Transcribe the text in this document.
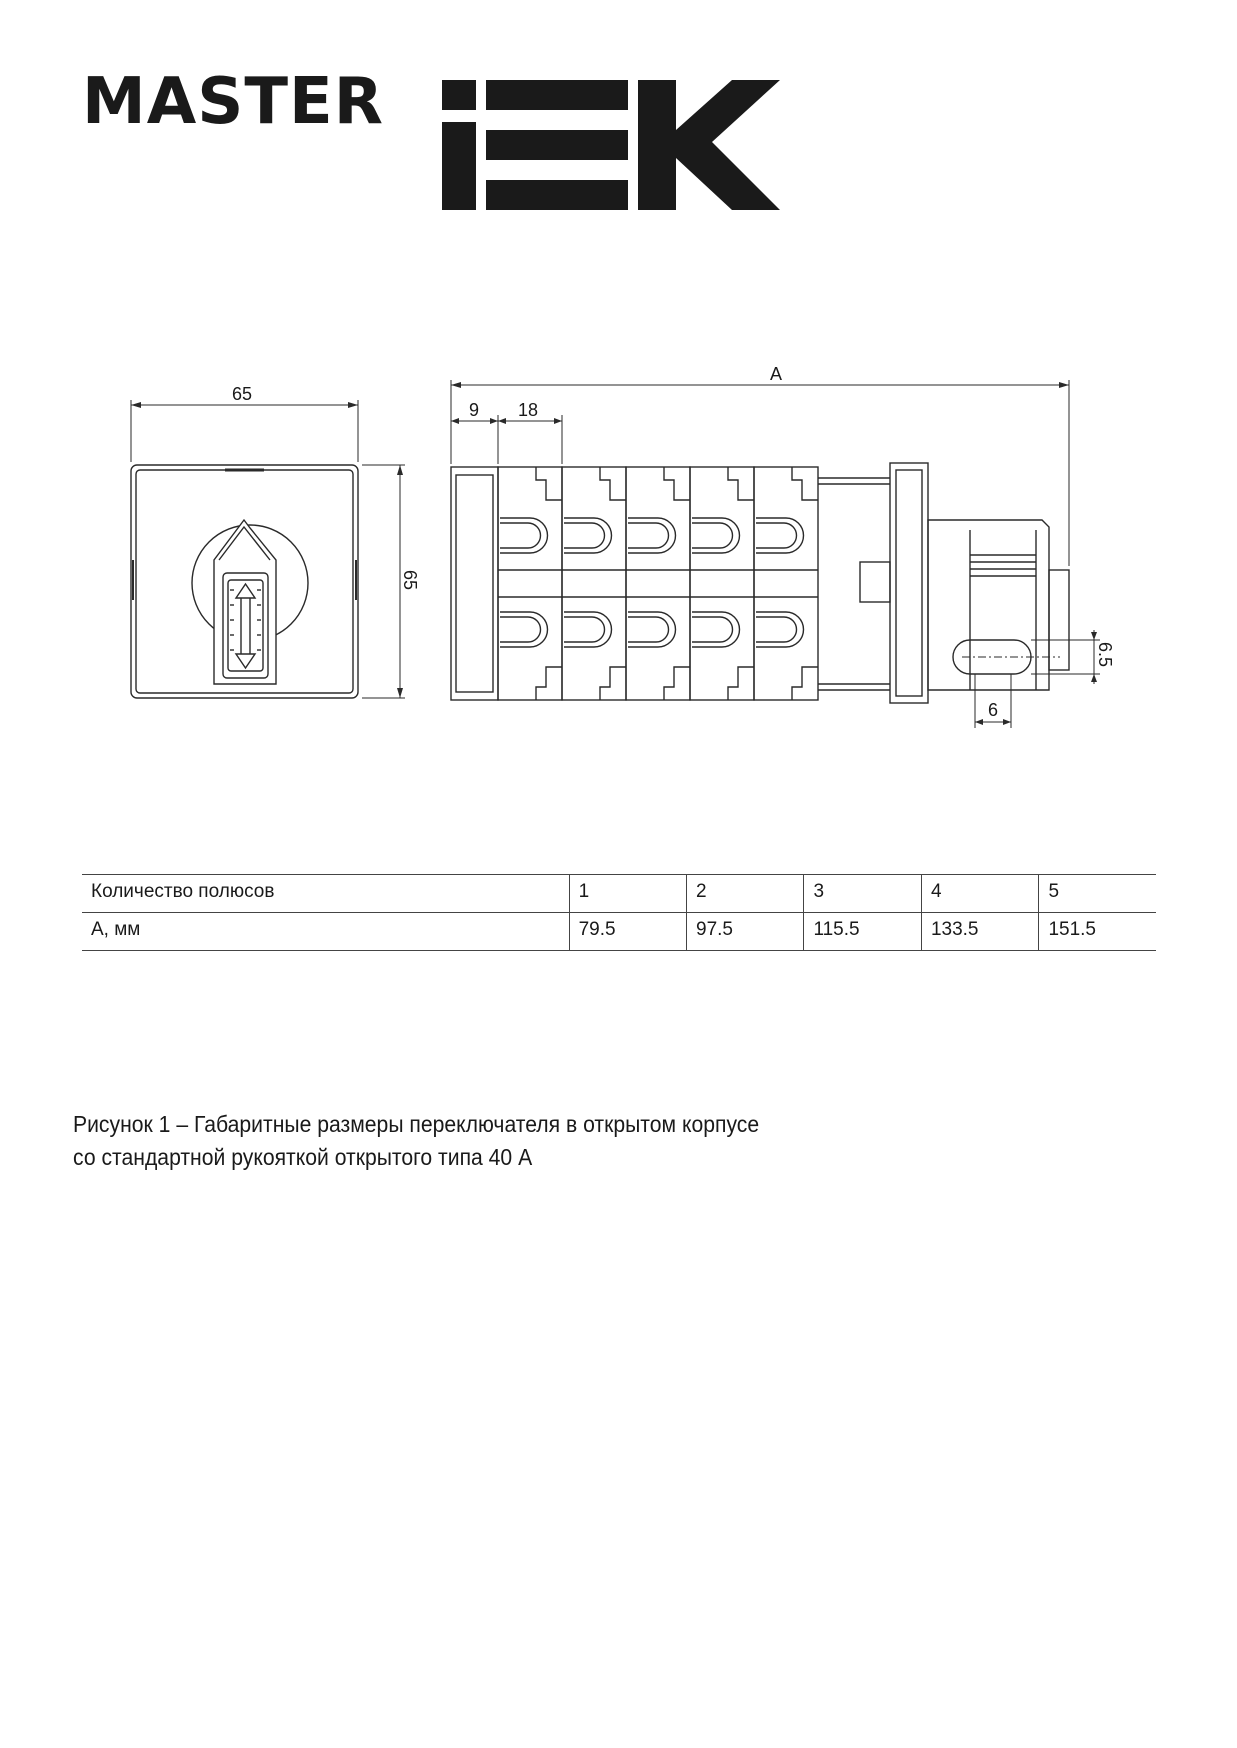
MASTER
65
65
A
9 18
6.5
6
Количество полюсов	1	2	3	4	5
А, мм	79.5	97.5	115.5	133.5	151.5
Рисунок 1 – Габаритные размеры переключателя в открытом корпусе
со стандартной рукояткой открытого типа 40 А
